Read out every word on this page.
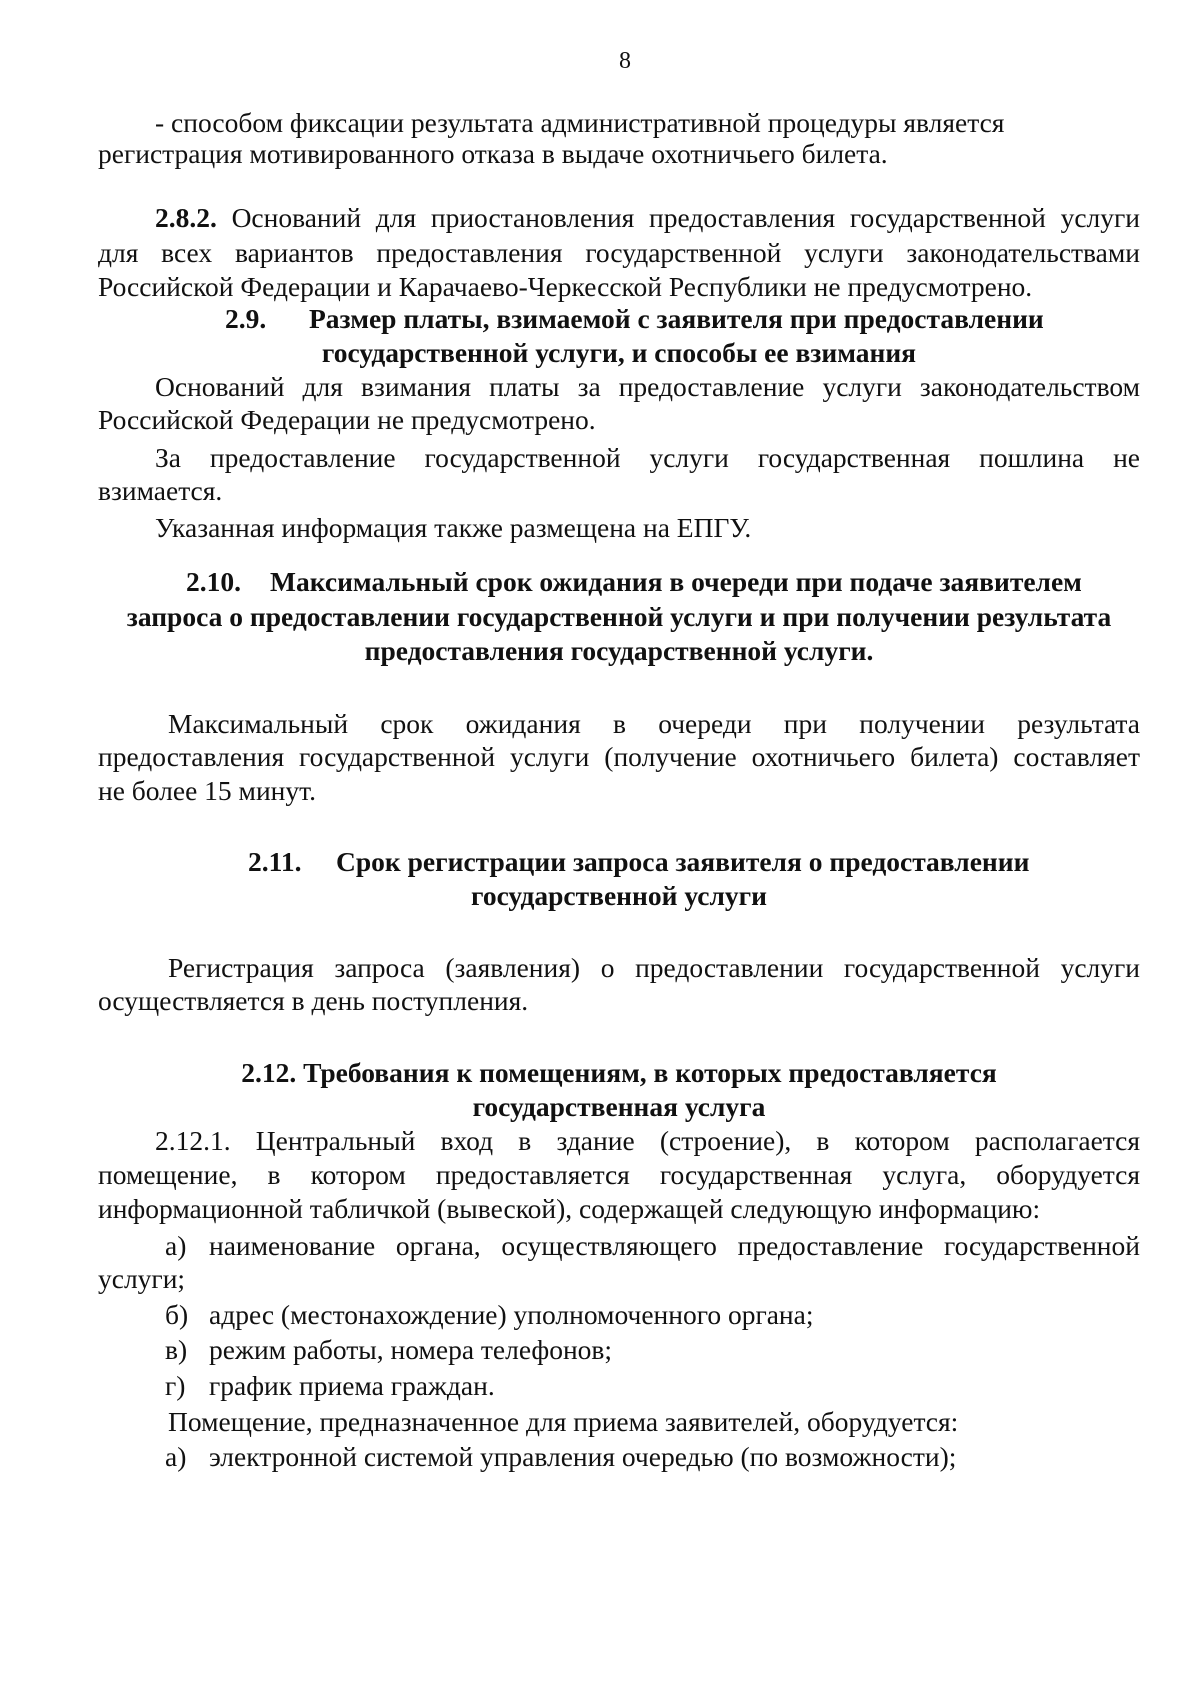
8
- способом фиксации результата административной процедуры является
регистрация мотивированного отказа в выдаче охотничьего билета.
2.8.2. Оснований для приостановления предоставления государственной услуги
для всех вариантов предоставления государственной услуги законодательствами
Российской Федерации и Карачаево-Черкесской Республики не предусмотрено.
2.9. Размер платы, взимаемой с заявителя при предоставлении
государственной услуги, и способы ее взимания
Оснований для взимания платы за предоставление услуги законодательством
Российской Федерации не предусмотрено.
За предоставление государственной услуги государственная пошлина не
взимается.
Указанная информация также размещена на ЕПГУ.
2.10. Максимальный срок ожидания в очереди при подаче заявителем
запроса о предоставлении государственной услуги и при получении результата
предоставления государственной услуги.
Максимальный срок ожидания в очереди при получении результата
предоставления государственной услуги (получение охотничьего билета) составляет
не более 15 минут.
2.11. Срок регистрации запроса заявителя о предоставлении
государственной услуги
Регистрация запроса (заявления) о предоставлении государственной услуги
осуществляется в день поступления.
2.12. Требования к помещениям, в которых предоставляется
государственная услуга
2.12.1. Центральный вход в здание (строение), в котором располагается
помещение, в котором предоставляется государственная услуга, оборудуется
информационной табличкой (вывеской), содержащей следующую информацию:
а) наименование органа, осуществляющего предоставление государственной
услуги;
б) адрес (местонахождение) уполномоченного органа;
в) режим работы, номера телефонов;
г) график приема граждан.
Помещение, предназначенное для приема заявителей, оборудуется:
а) электронной системой управления очередью (по возможности);
